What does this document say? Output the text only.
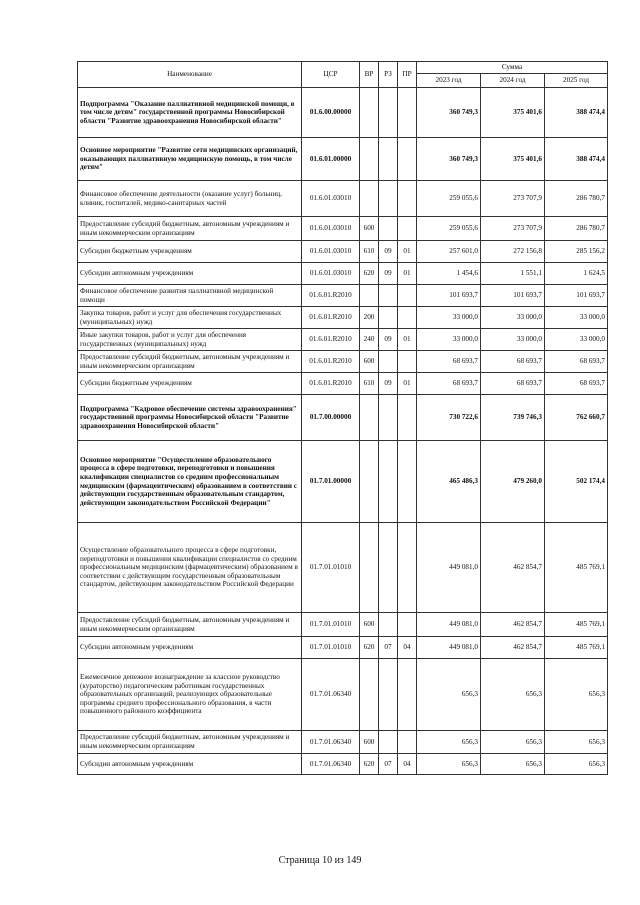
Наименование	ЦСР	ВР	РЗ	ПР	Сумма		
					2023 год	2024 год	2025 год
Подпрограмма "Оказание паллиативной медицинской помощи, в том числе детям" государственной программы Новосибирской области "Развитие здравоохранения Новосибирской области"	01.6.00.00000				360 749,3	375 401,6	388 474,4
Основное мероприятие "Развитие сети медицинских организаций, оказывающих паллиативную медицинскую помощь, в том числе детям"	01.6.01.00000				360 749,3	375 401,6	388 474,4
Финансовое обеспечение деятельности (оказание услуг) больниц, клиник, госпиталей, медико-санитарных частей	01.6.01.03010				259 055,6	273 707,9	286 780,7
Предоставление субсидий бюджетным, автономным учреждениям и иным некоммерческим организациям	01.6.01.03010	600			259 055,6	273 707,9	286 780,7
Субсидии бюджетным учреждениям	01.6.01.03010	610	09	01	257 601,0	272 156,8	285 156,2
Субсидии автономным учреждениям	01.6.01.03010	620	09	01	1 454,6	1 551,1	1 624,5
Финансовое обеспечение развития паллиативной медицинской помощи	01.6.01.R2010				101 693,7	101 693,7	101 693,7
Закупка товаров, работ и услуг для обеспечения государственных (муниципальных) нужд	01.6.01.R2010	200			33 000,0	33 000,0	33 000,0
Иные закупки товаров, работ и услуг для обеспечения государственных (муниципальных) нужд	01.6.01.R2010	240	09	01	33 000,0	33 000,0	33 000,0
Предоставление субсидий бюджетным, автономным учреждениям и иным некоммерческим организациям	01.6.01.R2010	600			68 693,7	68 693,7	68 693,7
Субсидии бюджетным учреждениям	01.6.01.R2010	610	09	01	68 693,7	68 693,7	68 693,7
Подпрограмма "Кадровое обеспечение системы здравоохранения" государственной программы Новосибирской области "Развитие здравоохранения Новосибирской области"	01.7.00.00000				730 722,6	739 746,3	762 660,7
Основное мероприятие "Осуществление образовательного процесса в сфере подготовки, переподготовки и повышения квалификации специалистов со средним профессиональным медицинским (фармацевтическим) образованием в соответствии с действующим государственным образовательным стандартом, действующим законодательством Российской Федерации"	01.7.01.00000				465 486,3	479 260,0	502 174,4
Осуществление образовательного процесса в сфере подготовки, переподготовки и повышения квалификации специалистов со средним профессиональным медицинским (фармацевтическим) образованием в соответствии с действующим государственным образовательным стандартом, действующим законодательством Российской Федерации	01.7.01.01010				449 081,0	462 854,7	485 769,1
Предоставление субсидий бюджетным, автономным учреждениям и иным некоммерческим организациям	01.7.01.01010	600			449 081,0	462 854,7	485 769,1
Субсидии автономным учреждениям	01.7.01.01010	620	07	04	449 081,0	462 854,7	485 769,1
Ежемесячное денежное вознаграждение за классное руководство (кураторство) педагогическим работникам государственных образовательных организаций, реализующих образовательные программы среднего профессионального образования, в части повышенного районного коэффициента	01.7.01.06340				656,3	656,3	656,3
Предоставление субсидий бюджетным, автономным учреждениям и иным некоммерческим организациям	01.7.01.06340	600			656,3	656,3	656,3
Субсидии автономным учреждениям	01.7.01.06340	620	07	04	656,3	656,3	656,3
Страница 10 из 149
